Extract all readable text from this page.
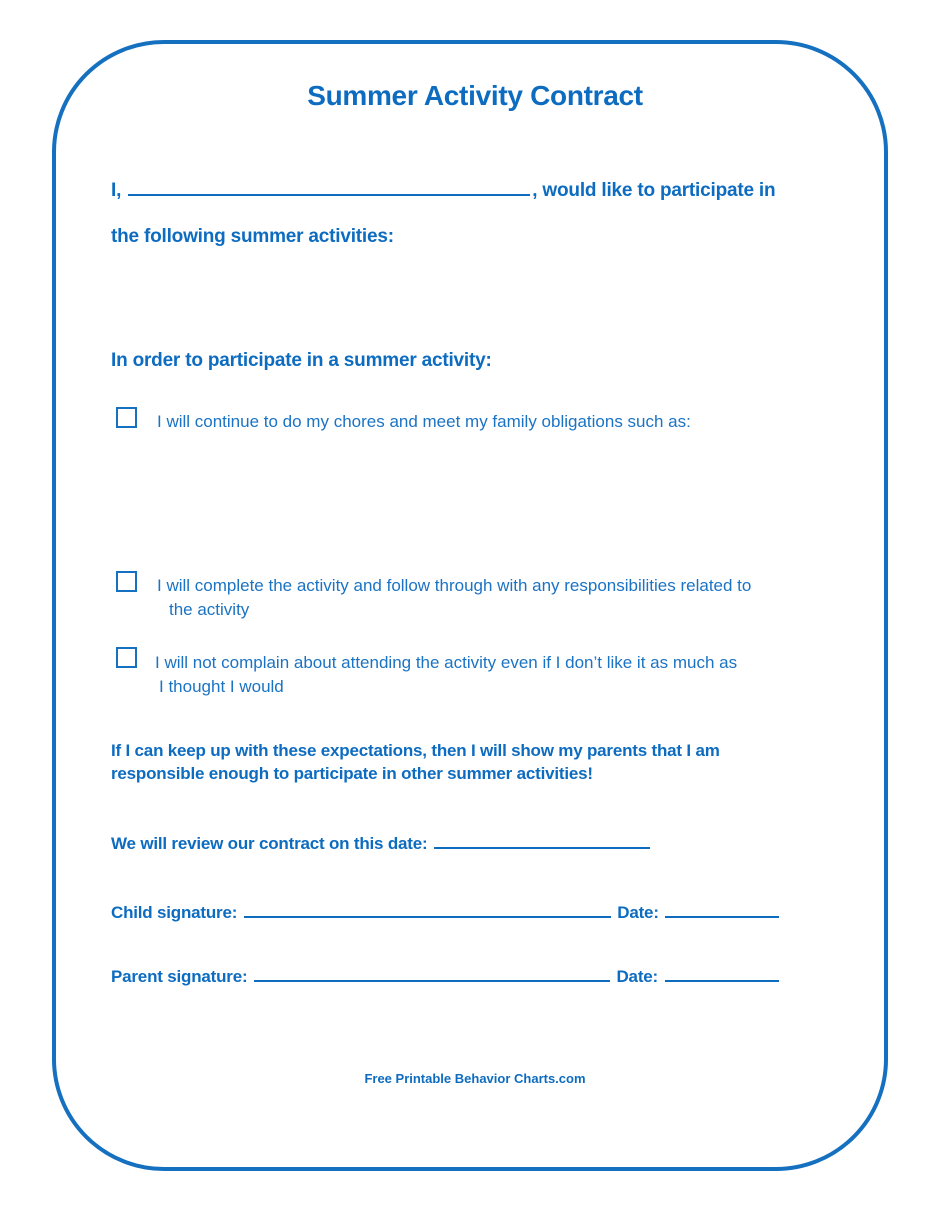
Summer Activity Contract
I,	, would like to participate in
the following summer activities:
In order to participate in a summer activity:
I will continue to do my chores and meet my family obligations such as:
I will complete the activity and follow through with any responsibilities related to
the activity
I will not complain about attending the activity even if I don’t like it as much as
I thought I would
If I can keep up with these expectations, then I will show my parents that I am
responsible enough to participate in other summer activities!
We will review our contract on this date:
Child signature:	Date:
Parent signature:	Date:
Free Printable Behavior Charts.com
